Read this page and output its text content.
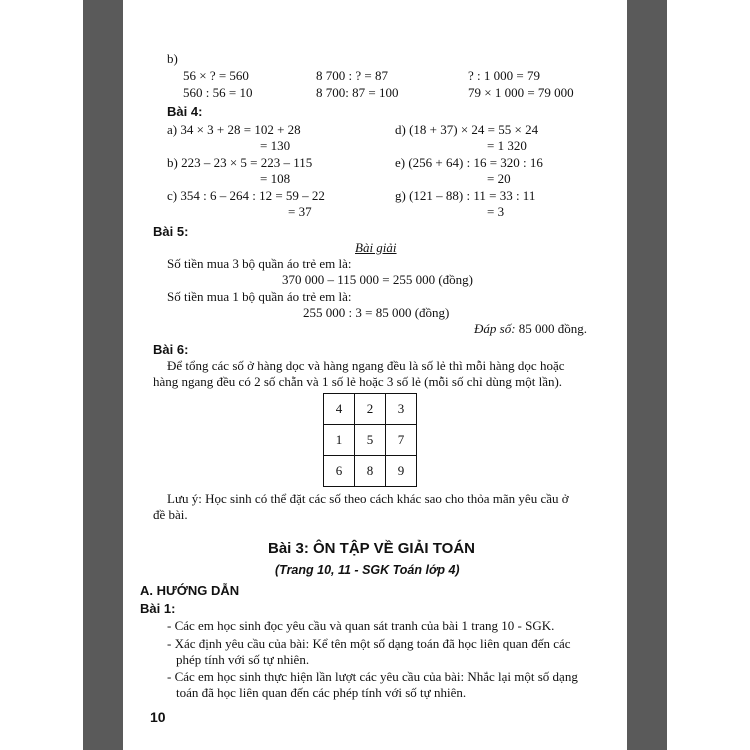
b)
56 × ? = 560	8 700 : ? = 87	? : 1 000 = 79
560 : 56 = 10	8 700: 87 = 100	79 × 1 000 = 79 000
Bài 4:
a) 34 × 3 + 28 = 102 + 28
= 130
b) 223 – 23 × 5 = 223 – 115
= 108
c) 354 : 6 – 264 : 12 = 59 – 22
= 37
d) (18 + 37) × 24 = 55 × 24
= 1 320
e) (256 + 64) : 16 = 320 : 16
= 20
g) (121 – 88) : 11 = 33 : 11
= 3
Bài 5:
Bài giải
Số tiền mua 3 bộ quần áo trẻ em là:
370 000 – 115 000 = 255 000 (đồng)
Số tiền mua 1 bộ quần áo trẻ em là:
255 000 : 3 = 85 000 (đồng)
Đáp số: 85 000 đồng.
Bài 6:
Để tổng các số ở hàng dọc và hàng ngang đều là số lẻ thì mỗi hàng dọc hoặc
hàng ngang đều có 2 số chẵn và 1 số lẻ hoặc 3 số lẻ (mỗi số chỉ dùng một lần).
4	2	3
1	5	7
6	8	9
Lưu ý: Học sinh có thể đặt các số theo cách khác sao cho thỏa mãn yêu cầu ở
đề bài.
Bài 3: ÔN TẬP VỀ GIẢI TOÁN
(Trang 10, 11 - SGK Toán lớp 4)
A. HƯỚNG DẪN
Bài 1:
- Các em học sinh đọc yêu cầu và quan sát tranh của bài 1 trang 10 - SGK.
- Xác định yêu cầu của bài: Kể tên một số dạng toán đã học liên quan đến các
phép tính với số tự nhiên.
- Các em học sinh thực hiện lần lượt các yêu cầu của bài: Nhắc lại một số dạng
toán đã học liên quan đến các phép tính với số tự nhiên.
10
